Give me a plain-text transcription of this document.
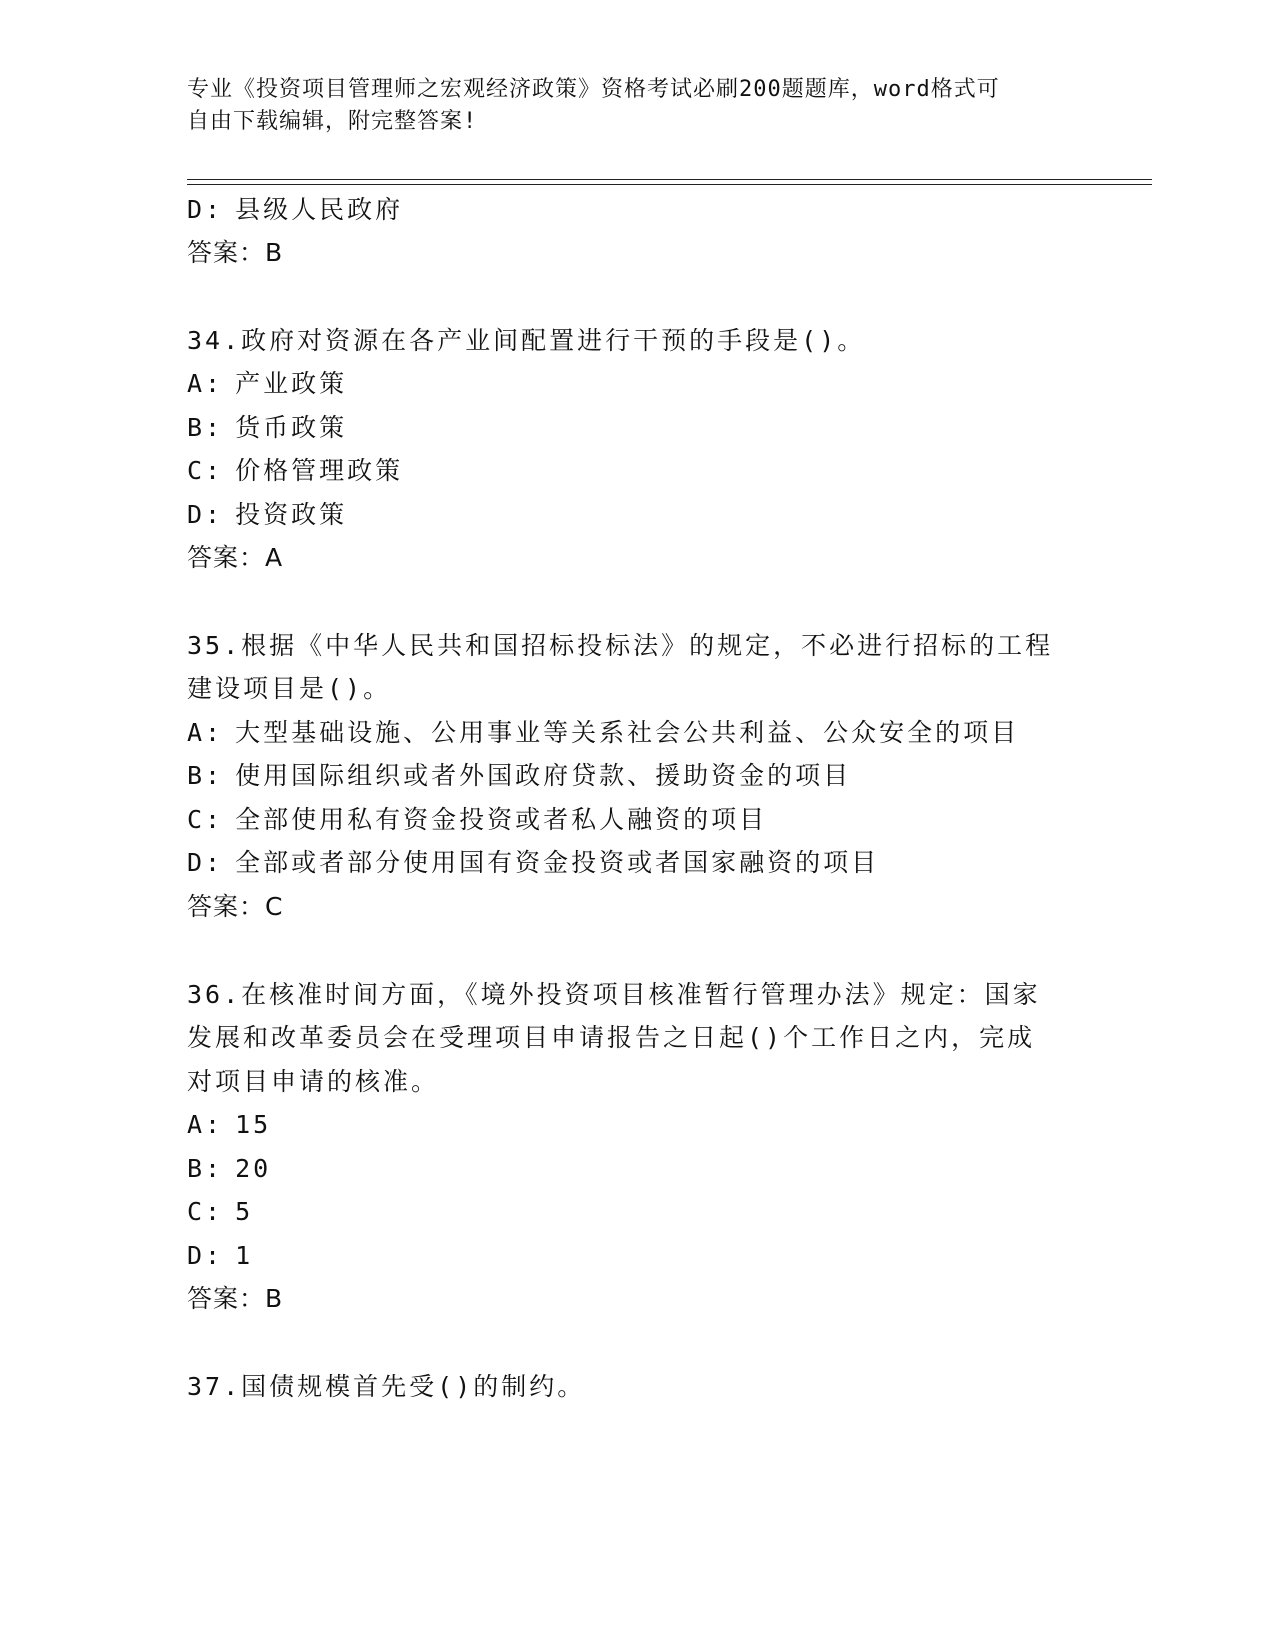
专业《投资项目管理师之宏观经济政策》资格考试必刷200题题库，word格式可
自由下载编辑，附完整答案!
D: 县级人民政府
答案：B
34.政府对资源在各产业间配置进行干预的手段是()。
A: 产业政策
B: 货币政策
C: 价格管理政策
D: 投资政策
答案：A
35.根据《中华人民共和国招标投标法》的规定，不必进行招标的工程
建设项目是()。
A: 大型基础设施、公用事业等关系社会公共利益、公众安全的项目
B: 使用国际组织或者外国政府贷款、援助资金的项目
C: 全部使用私有资金投资或者私人融资的项目
D: 全部或者部分使用国有资金投资或者国家融资的项目
答案：C
36.在核准时间方面，《境外投资项目核准暂行管理办法》规定：国家
发展和改革委员会在受理项目申请报告之日起()个工作日之内，完成
对项目申请的核准。
A: 15
B: 20
C: 5
D: 1
答案：B
37.国债规模首先受()的制约。
